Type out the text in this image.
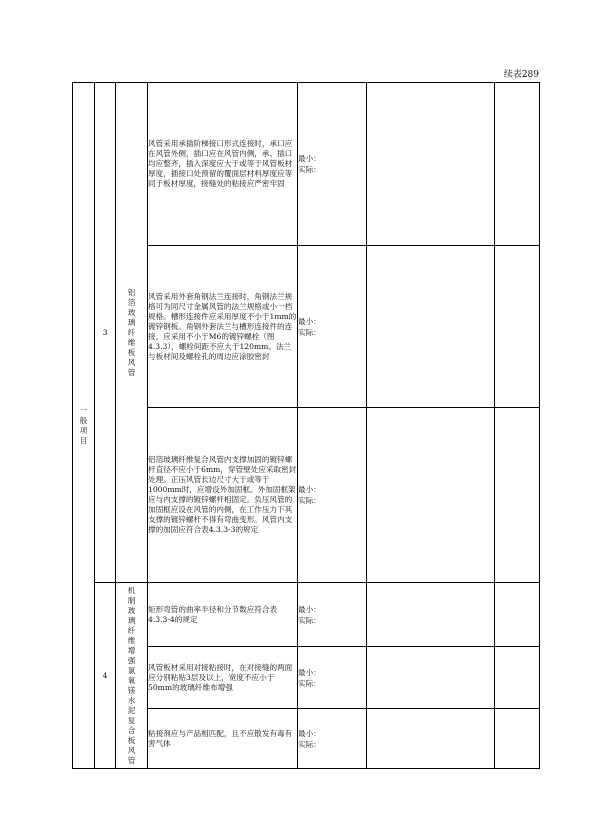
续表289
一般项目	3	铝箔玻璃纤维板风管	风管采用承插阶梯接口形式连接时，承口应在风管外侧，插口应在风管内侧，承、插口均应整齐，插入深度应大于或等于风管板材厚度，插接口处预留的覆面层材料厚度应等同于板材厚度，接缝处的粘接应严密牢固	最小：
实际：		

			风管采用外套角钢法兰连接时，角钢法兰规格可为同尺寸金属风管的法兰规格或小一档规格。槽形连接件应采用厚度不小于1mm的镀锌钢板。角钢外套法兰与槽形连接件的连接，应采用不小于M6的镀锌螺栓（图4.3.3），螺栓间距不应大于120mm。法兰与板材间及螺栓孔的周边应涂胶密封	最小：
实际：		

			铝箔玻璃纤维复合风管内支撑加固的镀锌螺杆直径不应小于6mm，穿管壁处应采取密封处理。正压风管长边尺寸大于或等于1000mm时，应增设外加固框。外加固框架应与内支撑的镀锌螺杆相固定。负压风管的加固框应设在风管的内侧，在工作压力下其支撑的镀锌螺杆不得有弯曲变形。风管内支撑的加固应符合表4.3.3-3的规定	最小：
实际：		

	4	机制玻璃纤维增强氯氧镁水泥复合板风管	矩形弯管的曲率半径和分节数应符合表4.3.3-4的规定	最小：
实际：		

			风管板材采用对接粘接时，在对接缝的两面应分别粘贴3层及以上，宽度不应小于50mm的玻璃纤维布增强	最小：
实际：		

			粘接剂应与产品相匹配，且不应散发有毒有害气体	最小：
实际：		
